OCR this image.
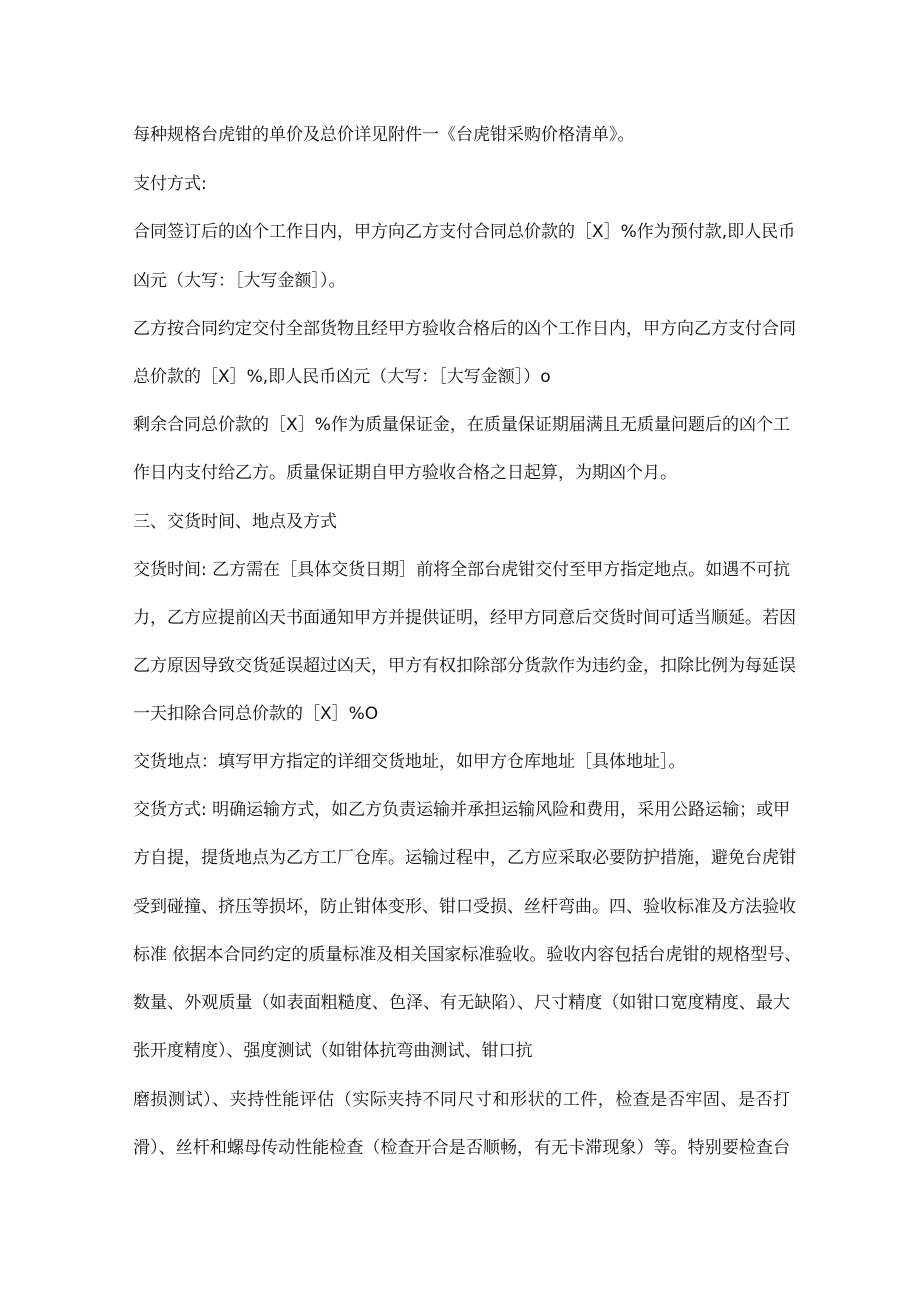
每种规格台虎钳的单价及总价详见附件一《台虎钳采购价格清单》。

支付方式:

合同签订后的凶个工作日内，甲方向乙方支付合同总价款的［X］%作为预付款,即人民币

凶元（大写：［大写金额］）。

乙方按合同约定交付全部货物且经甲方验收合格后的凶个工作日内，甲方向乙方支付合同

总价款的［X］%,即人民币凶元（大写：［大写金额］）o

剩余合同总价款的［X］%作为质量保证金，在质量保证期届满且无质量问题后的凶个工

作日内支付给乙方。质量保证期自甲方验收合格之日起算，为期凶个月。

三、交货时间、地点及方式

交货时间: 乙方需在［具体交货日期］前将全部台虎钳交付至甲方指定地点。如遇不可抗

力，乙方应提前凶天书面通知甲方并提供证明，经甲方同意后交货时间可适当顺延。若因

乙方原因导致交货延误超过凶天，甲方有权扣除部分货款作为违约金，扣除比例为每延误

一天扣除合同总价款的［X］%O

交货地点：填写甲方指定的详细交货地址，如甲方仓库地址［具体地址］。

交货方式: 明确运输方式，如乙方负责运输并承担运输风险和费用，采用公路运输；或甲

方自提，提货地点为乙方工厂仓库。运输过程中，乙方应采取必要防护措施，避免台虎钳

受到碰撞、挤压等损坏，防止钳体变形、钳口受损、丝杆弯曲。四、验收标准及方法验收

标准 依据本合同约定的质量标准及相关国家标准验收。验收内容包括台虎钳的规格型号、

数量、外观质量（如表面粗糙度、色泽、有无缺陷）、尺寸精度（如钳口宽度精度、最大

张开度精度）、强度测试（如钳体抗弯曲测试、钳口抗

磨损测试）、夹持性能评估（实际夹持不同尺寸和形状的工件，检查是否牢固、是否打

滑）、丝杆和螺母传动性能检查（检查开合是否顺畅，有无卡滞现象）等。特别要检查台
